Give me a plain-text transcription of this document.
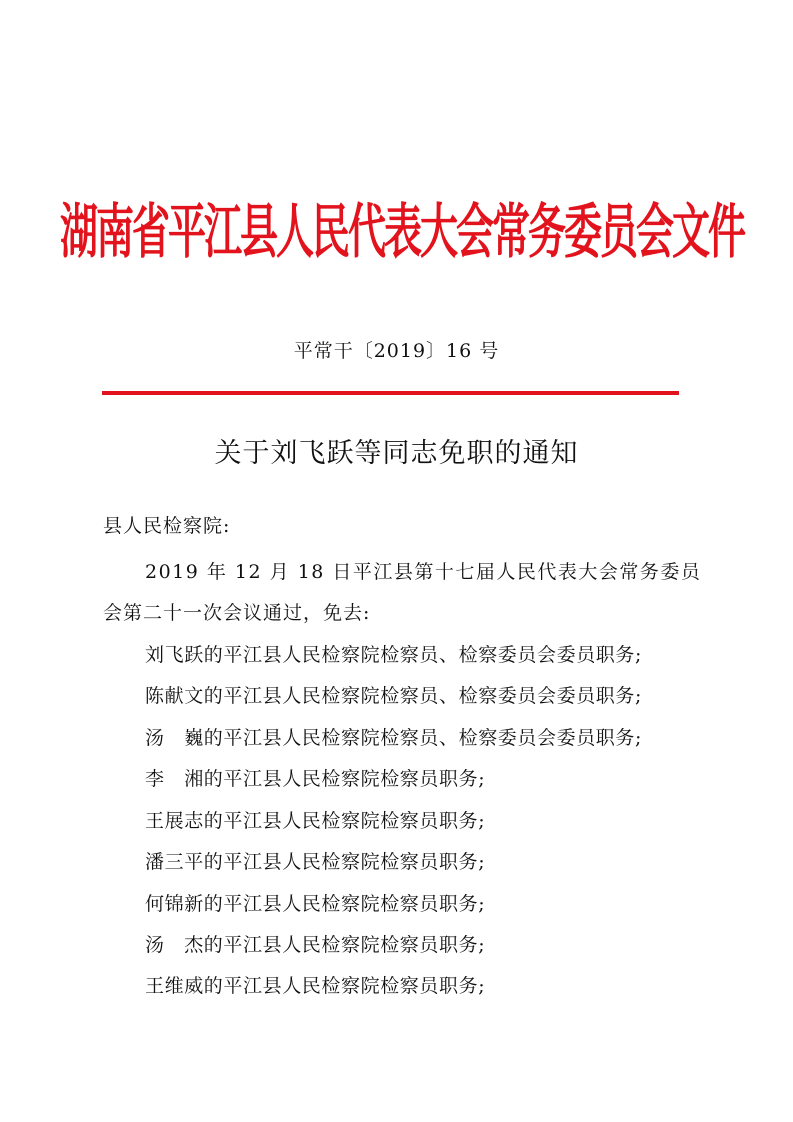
湖南省平江县人民代表大会常务委员会文件
平常干〔2019〕16 号
关于刘飞跃等同志免职的通知
县人民检察院:
2019 年 12 月 18 日平江县第十七届人民代表大会常务委员
会第二十一次会议通过，免去:
刘飞跃的平江县人民检察院检察员、检察委员会委员职务;
陈献文的平江县人民检察院检察员、检察委员会委员职务;
汤　巍的平江县人民检察院检察员、检察委员会委员职务;
李　湘的平江县人民检察院检察员职务;
王展志的平江县人民检察院检察员职务;
潘三平的平江县人民检察院检察员职务;
何锦新的平江县人民检察院检察员职务;
汤　杰的平江县人民检察院检察员职务;
王维威的平江县人民检察院检察员职务;
